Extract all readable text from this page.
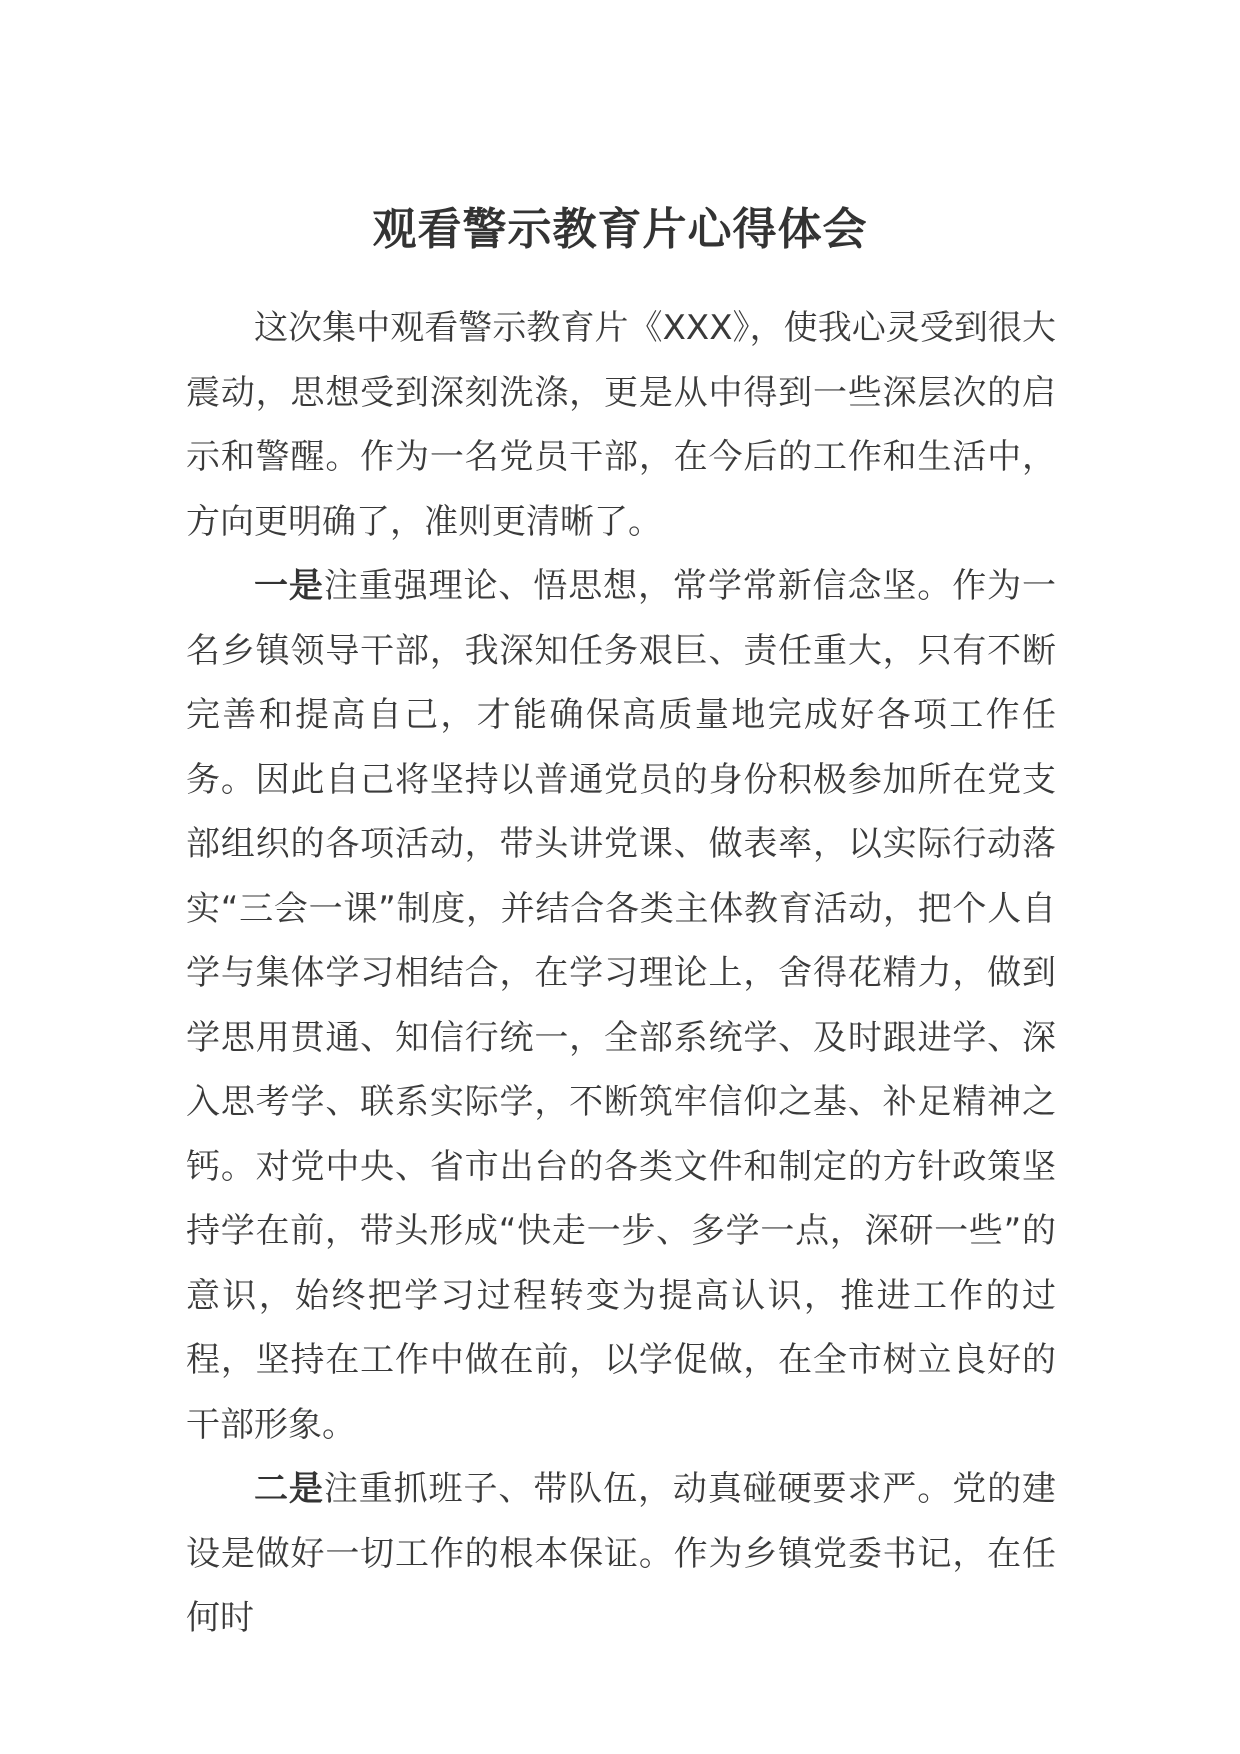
观看警示教育片心得体会

这次集中观看警示教育片《XXX》，使我心灵受到很大震动，思想受到深刻洗涤，更是从中得到一些深层次的启示和警醒。作为一名党员干部，在今后的工作和生活中，方向更明确了，准则更清晰了。

一是注重强理论、悟思想，常学常新信念坚。作为一名乡镇领导干部，我深知任务艰巨、责任重大，只有不断完善和提高自己，才能确保高质量地完成好各项工作任务。因此自己将坚持以普通党员的身份积极参加所在党支部组织的各项活动，带头讲党课、做表率，以实际行动落实“三会一课”制度，并结合各类主体教育活动，把个人自学与集体学习相结合，在学习理论上，舍得花精力，做到学思用贯通、知信行统一，全部系统学、及时跟进学、深入思考学、联系实际学，不断筑牢信仰之基、补足精神之钙。对党中央、省市出台的各类文件和制定的方针政策坚持学在前，带头形成“快走一步、多学一点，深研一些”的意识，始终把学习过程转变为提高认识，推进工作的过程，坚持在工作中做在前，以学促做，在全市树立良好的干部形象。

二是注重抓班子、带队伍，动真碰硬要求严。党的建设是做好一切工作的根本保证。作为乡镇党委书记，在任何时
